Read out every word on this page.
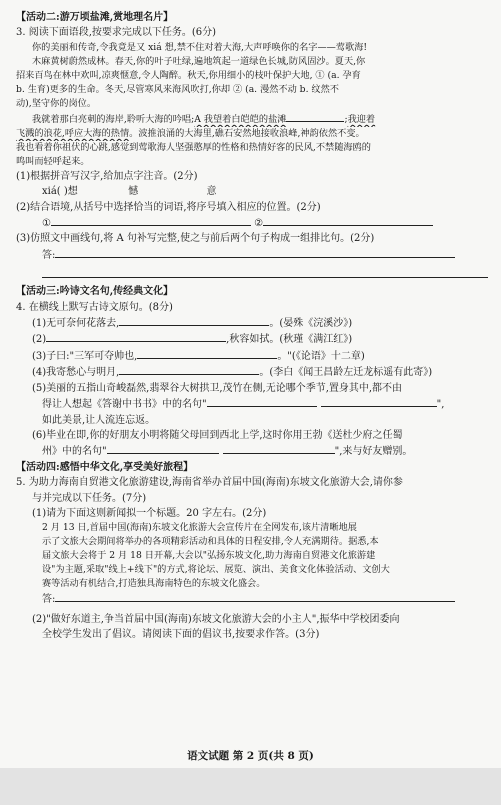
【活动二:游万顷盐滩,赏地理名片】
3. 阅读下面语段,按要求完成以下任务。(6分)
你的美丽和传奇,令我竟是又 xiá 想,禁不住对着大海,大声呼唤你的名字——莺歌海!
木麻黄树蔚然成林。春天,你的叶子吐绿,遍地筑起一道绿色长城,防风固沙。夏天,你
招来百鸟在林中欢叫,凉爽惬意,令人陶醉。秋天,你用细小的枝叶保护大地, ① (a. 孕育
b. 生育)更多的生命。冬天,尽管寒风来海风吹打,你却 ② (a. 漫然不动 b. 纹然不
动),坚守你的岗位。
我就着那白亮刺的海岸,聆听大海的吟唱;A 我望着白皑皑的盐滩	;我迎着
飞溅的浪花,呼应大海的热情。波推浪涌的大海里,礁石安然地接收浪峰,神韵依然不变。
我也看着你祖伏的心跳,感觉到莺歌海人坚强憨厚的性格和热情好客的民风,不禁随海鸥的
鸣叫而轻呼起来。
(1)根据拼音写汉字,给加点字注音。(2分)
xiá( )想	憾	意
(2)结合语境,从括号中选择恰当的词语,将序号填入相应的位置。(2分)
①	②
(3)仿照文中画线句,将 A 句补写完整,使之与前后两个句子构成一组排比句。(2分)
答:
【活动三:吟诗文名句,传经典文化】
4. 在横线上默写古诗文原句。(8分)
(1)无可奈何花落去,	。(晏殊《浣溪沙》)
(2)	,秋容如拭。(秋瑾《满江红》)
(3)子曰:"三军可夺帅也,	。"(《论语》十二章)
(4)我寄愁心与明月,	。(李白《闻王昌龄左迁龙标遥有此寄》)
(5)美丽的五指山奇峻磊然,翡翠谷大树拱卫,茂竹在侧,无论哪个季节,置身其中,都不由
得让人想起《答谢中书书》中的名句"	",
如此美景,让人流连忘返。
(6)毕业在即,你的好朋友小明将随父母回到西北上学,这时你用王勃《送杜少府之任蜀
州》中的名句"	",来与好友赠别。
【活动四:感悟中华文化,享受美好旅程】
5. 为助力海南自贸港文化旅游建设,海南省举办首届中国(海南)东坡文化旅游大会,请你参
与并完成以下任务。(7分)
(1)请为下面这则新闻拟一个标题。20 字左右。(2分)
2 月 13 日,首届中国(海南)东坡文化旅游大会宣传片在全网发布,该片清晰地展
示了文旅大会期间将举办的各项精彩活动和具体的日程安排,令人充满期待。据悉,本
届文旅大会将于 2 月 18 日开幕,大会以"弘扬东坡文化,助力海南自贸港文化旅游建
设"为主题,采取"线上+线下"的方式,将论坛、展览、演出、美食文化体验活动、文创大
赛等活动有机结合,打造独具海南特色的东坡文化盛会。
答:
(2)"做好东道主,争当首届中国(海南)东坡文化旅游大会的小主人",振华中学校团委向
全校学生发出了倡议。请阅读下面的倡议书,按要求作答。(3分)
语文试题 第 2 页(共 8 页)
